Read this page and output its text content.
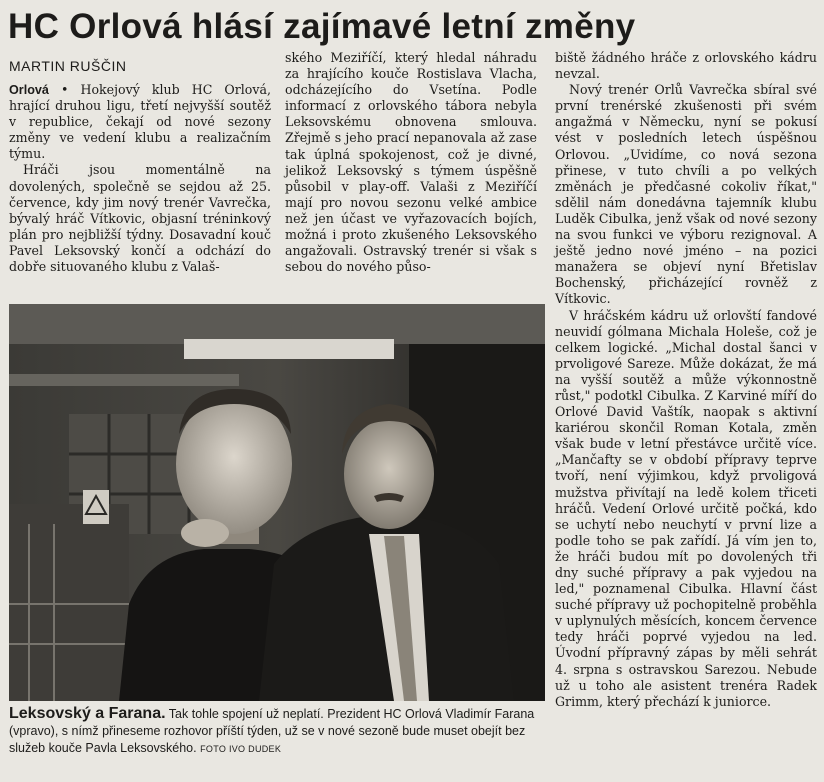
HC Orlová hlásí zajímavé letní změny
MARTIN RUŠČIN

Orlová • Hokejový klub HC Orlová, hrající druhou ligu, třetí nejvyšší soutěž v republice, čekají od nové sezony změny ve vedení klubu a realizačním týmu.

Hráči jsou momentálně na dovolených, společně se sejdou až 25. července, kdy jim nový trenér Vavrečka, bývalý hráč Vítkovic, objasní tréninkový plán pro nejbližší týdny. Dosavadní kouč Pavel Leksovský končí a odchází do dobře situovaného klubu z Valaš-

ského Meziříčí, který hledal náhradu za hrajícího kouče Rostislava Vlacha, odcházejícího do Vsetína. Podle informací z orlovského tábora nebyla Leksovskému obnovena smlouva. Zřejmě s jeho prací nepanovala až zase tak úplná spokojenost, což je divné, jelikož Leksovský s týmem úspěšně působil v play-off. Valaši z Meziříčí mají pro novou sezonu velké ambice než jen účast ve vyřazovacích bojích, možná i proto zkušeného Leksovského angažovali. Ostravský trenér si však s sebou do nového půso-

biště žádného hráče z orlovského kádru nevzal.

Nový trenér Orlů Vavrečka sbíral své první trenérské zkušenosti při svém angažmá v Německu, nyní se pokusí vést v posledních letech úspěšnou Orlovou. „Uvidíme, co nová sezona přinese, v tuto chvíli a po velkých změnách je předčasné cokoliv říkat," sdělil nám donedávna tajemník klubu Luděk Cibulka, jenž však od nové sezony na svou funkci ve výboru rezignoval. A ještě jedno nové jméno – na pozici manažera se objeví nyní Břetislav Bochenský, přicházející rovněž z Vítkovic.

V hráčském kádru už orlovští fandové neuvidí gólmana Michala Holeše, což je celkem logické. „Michal dostal šanci v prvoligové Sareze. Může dokázat, že má na vyšší soutěž a může výkonnostně růst," podotkl Cibulka. Z Karviné míří do Orlové David Vaštík, naopak s aktivní kariérou skončil Roman Kotala, změn však bude v letní přestávce určitě více. „Mančafty se v období přípravy teprve tvoří, není výjimkou, když prvoligová mužstva přivítají na ledě kolem třiceti hráčů. Vedení Orlové určitě počká, kdo se uchytí nebo neuchytí v první lize a podle toho se pak zařídí. Já vím jen to, že hráči budou mít po dovolených tři dny suché přípravy a pak vyjedou na led," poznamenal Cibulka. Hlavní část suché přípravy už pochopitelně proběhla v uplynulých měsících, koncem července tedy hráči poprvé vyjedou na led. Úvodní přípravný zápas by měli sehrát 4. srpna s ostravskou Sarezou. Nebude už u toho ale asistent trenéra Radek Grimm, který přechází k juniorce.

Leksovský a Farana. Tak tohle spojení už neplatí. Prezident HC Orlová Vladimír Farana (vpravo), s nímž přineseme rozhovor příští týden, už se v nové sezoně bude muset obejít bez služeb kouče Pavla Leksovského. FOTO IVO DUDEK
